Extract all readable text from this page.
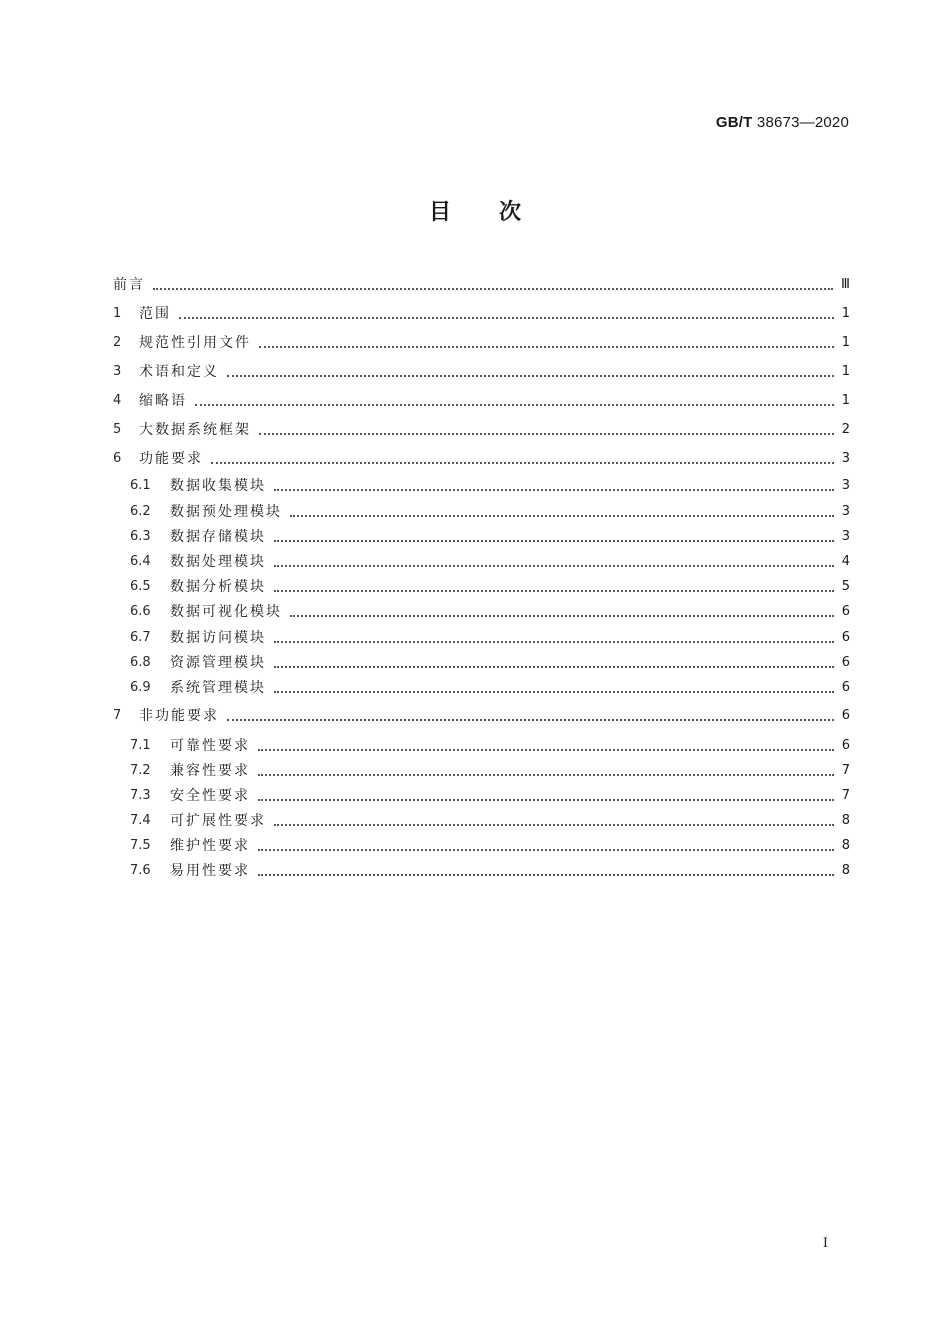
GB/T 38673—2020
目次
前言	Ⅲ
1	范围	1
2	规范性引用文件	1
3	术语和定义	1
4	缩略语	1
5	大数据系统框架	2
6	功能要求	3
6.1	数据收集模块	3
6.2	数据预处理模块	3
6.3	数据存储模块	3
6.4	数据处理模块	4
6.5	数据分析模块	5
6.6	数据可视化模块	6
6.7	数据访问模块	6
6.8	资源管理模块	6
6.9	系统管理模块	6
7	非功能要求	6
7.1	可靠性要求	6
7.2	兼容性要求	7
7.3	安全性要求	7
7.4	可扩展性要求	8
7.5	维护性要求	8
7.6	易用性要求	8
Ⅰ
